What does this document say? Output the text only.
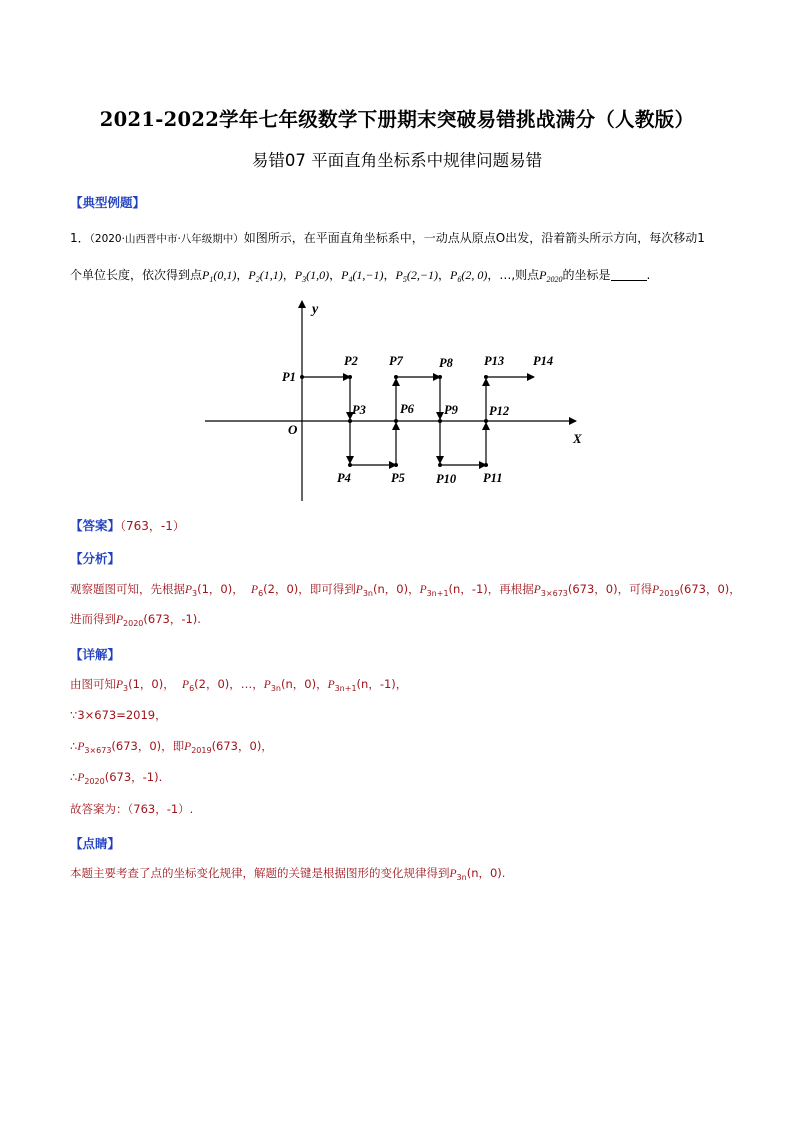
2021-2022学年七年级数学下册期末突破易错挑战满分（人教版）
易错07 平面直角坐标系中规律问题易错
【典型例题】
1．（2020·山西晋中市·八年级期中）如图所示，在平面直角坐标系中，一动点从原点O出发，沿着箭头所示方向，每次移动1
个单位长度，依次得到点$P_1(0,1)$，$P_2(1,1)$，$P_3(1,0)$，$P_4(1,-1)$，$P_5(2,-1)$，$P_6(2$, 0)，…,则点$P_{2020}$的坐标是	.
y
X
O
P1
P2
P3
P4	P5
P6
P7	P8
P9
P10 P11
P12
P13 P14
【答案】（763，-1）
【分析】
观察题图可知，先根据$P_3(1$，0)， $P_6(2$，0)，即可得到$P_{3n}(n$，0)，$P_{3n+1}(n$，-1)，再根据$P_{3\times 673}(673$，0)，可得$P_{2019}(673$，0)，
进而得到$P_{2020}(673$，-1).
【详解】
由图可知$P_3(1$，0)， $P_6(2$，0)，…，$P_{3n}(n$，0)，$P_{3n+1}(n$，-1)，
∵3×673=2019，
$\therefore P_{3\times 673}(673$，0)，即$P_{2019}(673$，0)，
$\therefore P_{2020}(673$，-1).
故答案为：（763，-1）.
【点睛】
本题主要考查了点的坐标变化规律，解题的关键是根据图形的变化规律得到$P_{3n}(n$，0).
